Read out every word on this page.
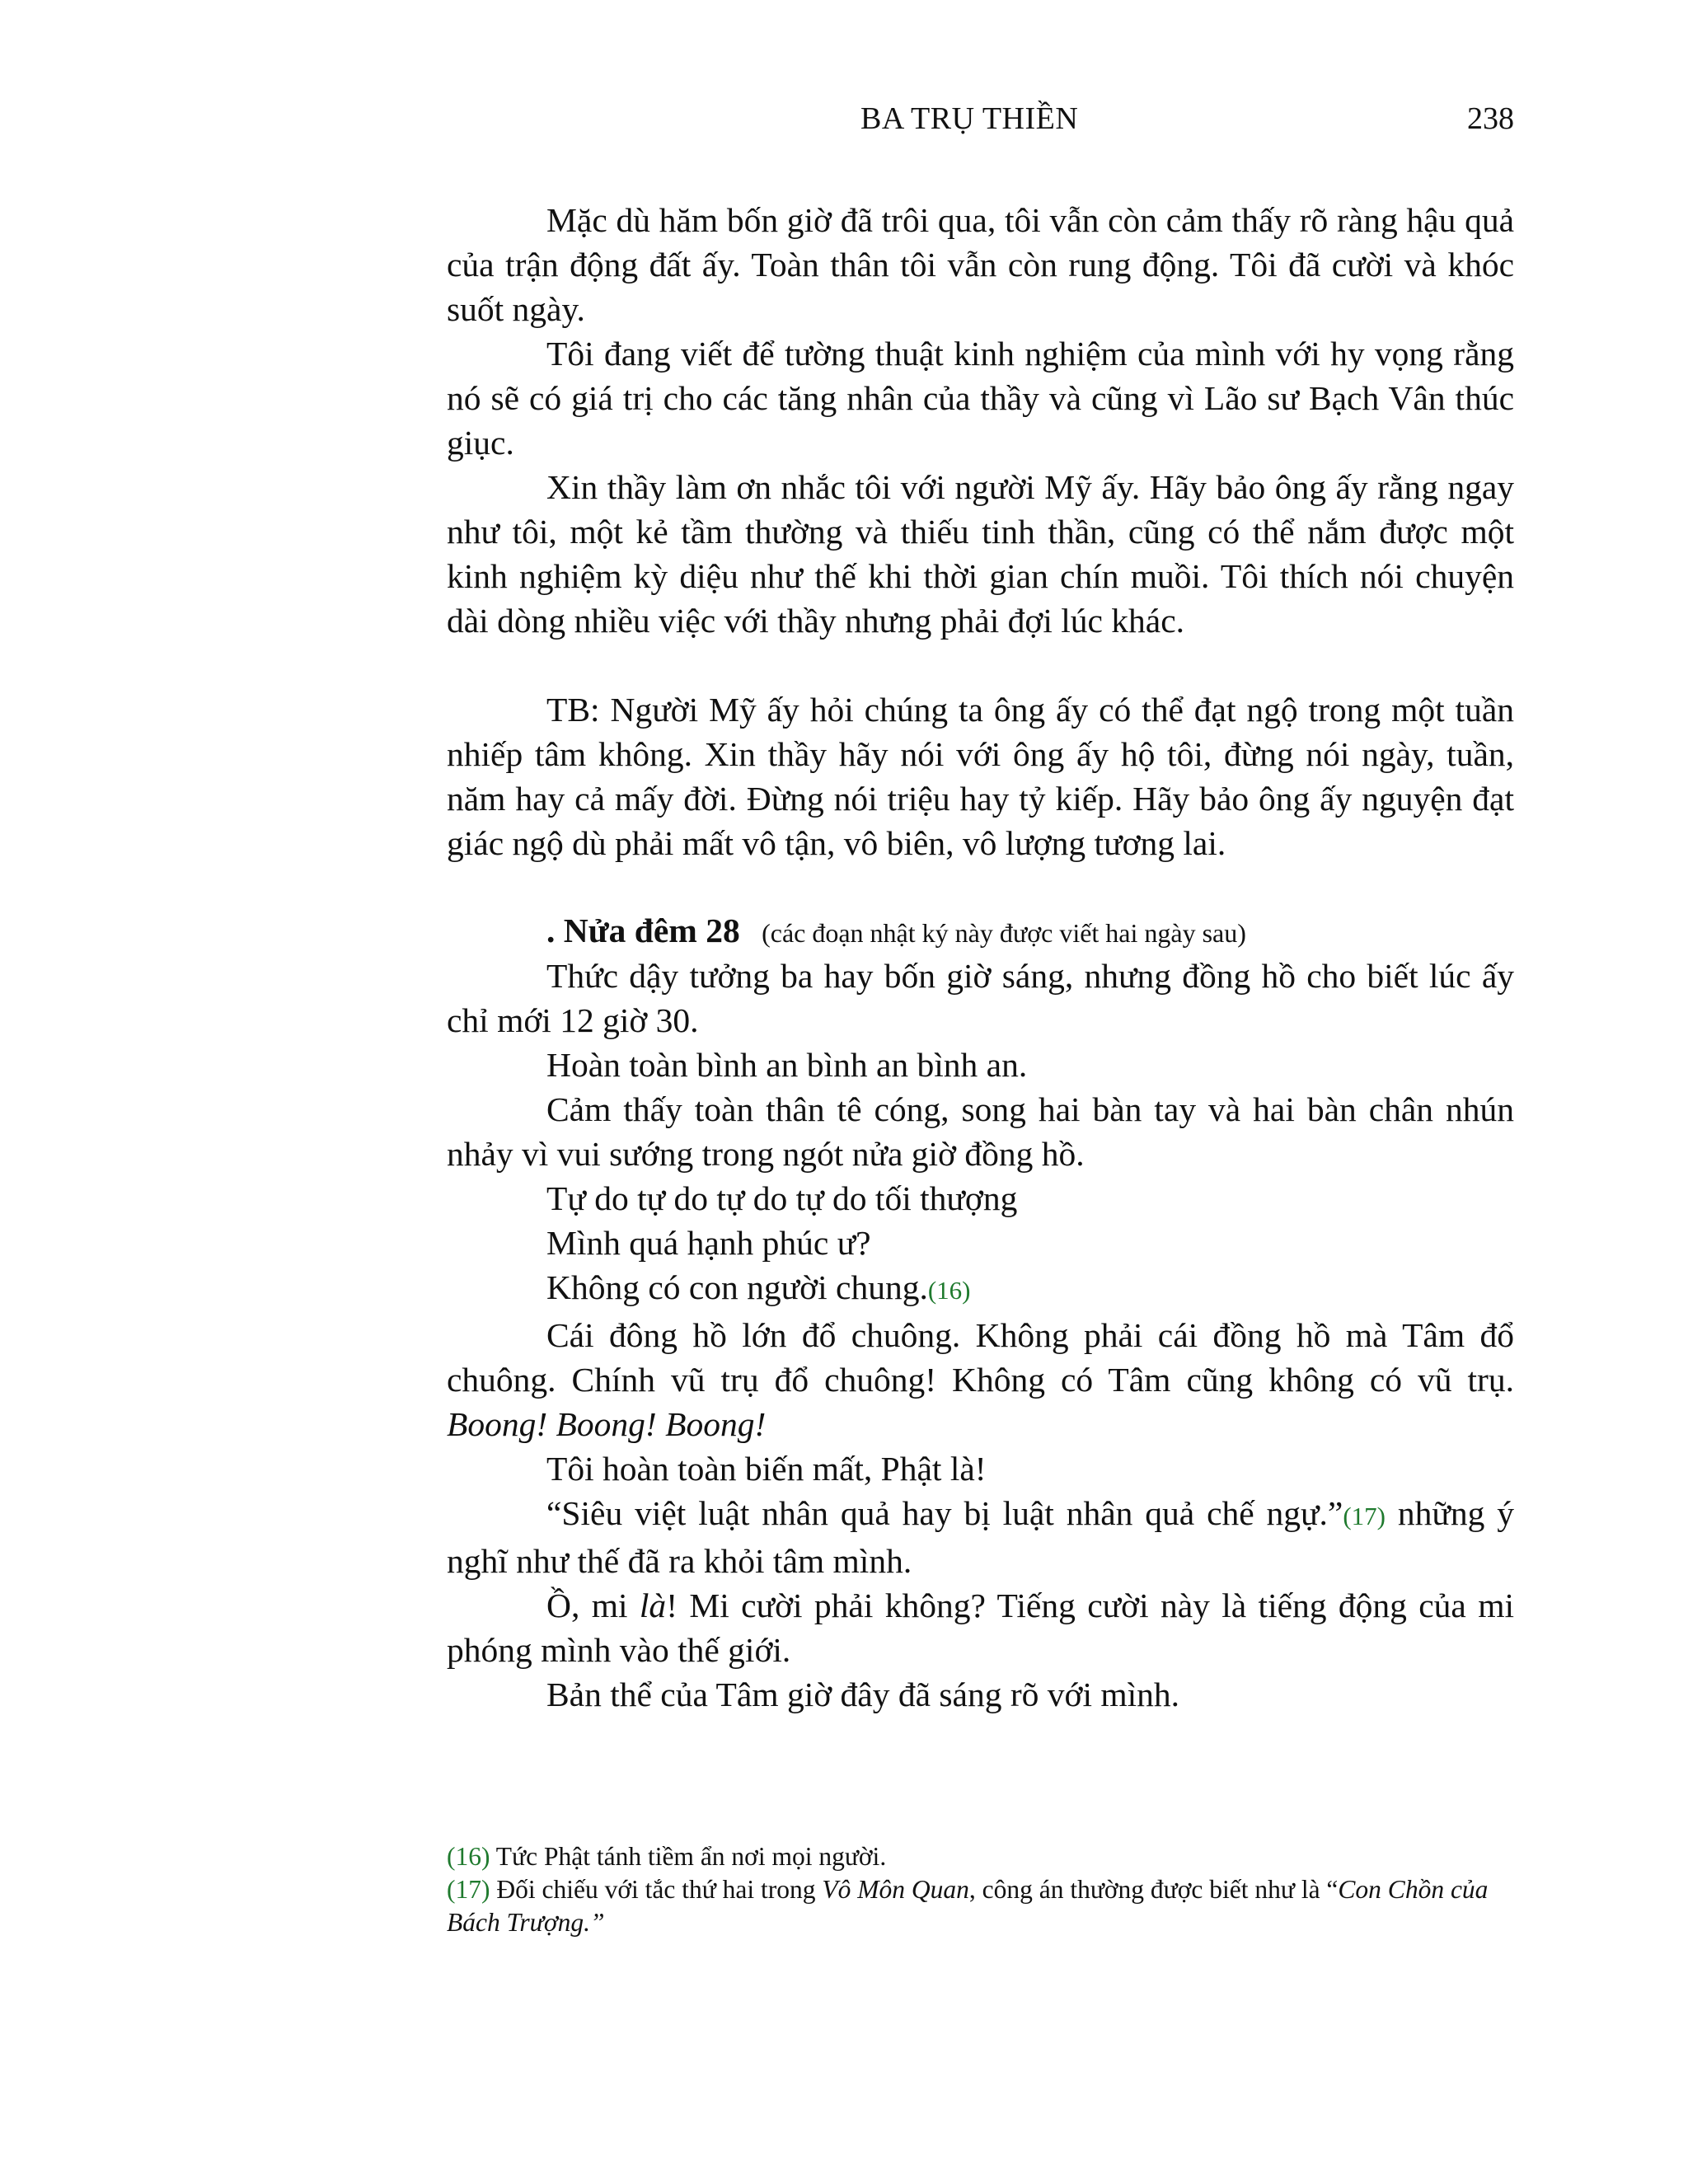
BA TRỤ THIỀN	238

Mặc dù hăm bốn giờ đã trôi qua, tôi vẫn còn cảm thấy rõ ràng hậu quả của trận động đất ấy. Toàn thân tôi vẫn còn rung động. Tôi đã cười và khóc suốt ngày.

Tôi đang viết để tường thuật kinh nghiệm của mình với hy vọng rằng nó sẽ có giá trị cho các tăng nhân của thầy và cũng vì Lão sư Bạch Vân thúc giục.

Xin thầy làm ơn nhắc tôi với người Mỹ ấy. Hãy bảo ông ấy rằng ngay như tôi, một kẻ tầm thường và thiếu tinh thần, cũng có thể nắm được một kinh nghiệm kỳ diệu như thế khi thời gian chín muồi. Tôi thích nói chuyện dài dòng nhiều việc với thầy nhưng phải đợi lúc khác.

TB: Người Mỹ ấy hỏi chúng ta ông ấy có thể đạt ngộ trong một tuần nhiếp tâm không. Xin thầy hãy nói với ông ấy hộ tôi, đừng nói ngày, tuần, năm hay cả mấy đời. Đừng nói triệu hay tỷ kiếp. Hãy bảo ông ấy nguyện đạt giác ngộ dù phải mất vô tận, vô biên, vô lượng tương lai.

. Nửa đêm 28 (các đoạn nhật ký này được viết hai ngày sau)

Thức dậy tưởng ba hay bốn giờ sáng, nhưng đồng hồ cho biết lúc ấy chỉ mới 12 giờ 30.

Hoàn toàn bình an bình an bình an.

Cảm thấy toàn thân tê cóng, song hai bàn tay và hai bàn chân nhún nhảy vì vui sướng trong ngót nửa giờ đồng hồ.

Tự do tự do tự do tự do tối thượng

Mình quá hạnh phúc ư?

Không có con người chung.(16)

Cái đông hồ lớn đổ chuông. Không phải cái đồng hồ mà Tâm đổ chuông. Chính vũ trụ đổ chuông! Không có Tâm cũng không có vũ trụ. Boong! Boong! Boong!

Tôi hoàn toàn biến mất, Phật là!

“Siêu việt luật nhân quả hay bị luật nhân quả chế ngự.”(17) những ý nghĩ như thế đã ra khỏi tâm mình.

Ồ, mi là! Mi cười phải không? Tiếng cười này là tiếng động của mi phóng mình vào thế giới.

Bản thể của Tâm giờ đây đã sáng rõ với mình.

(16) Tức Phật tánh tiềm ẩn nơi mọi người.

(17) Đối chiếu với tắc thứ hai trong Vô Môn Quan, công án thường được biết như là “Con Chồn của Bách Trượng.”
